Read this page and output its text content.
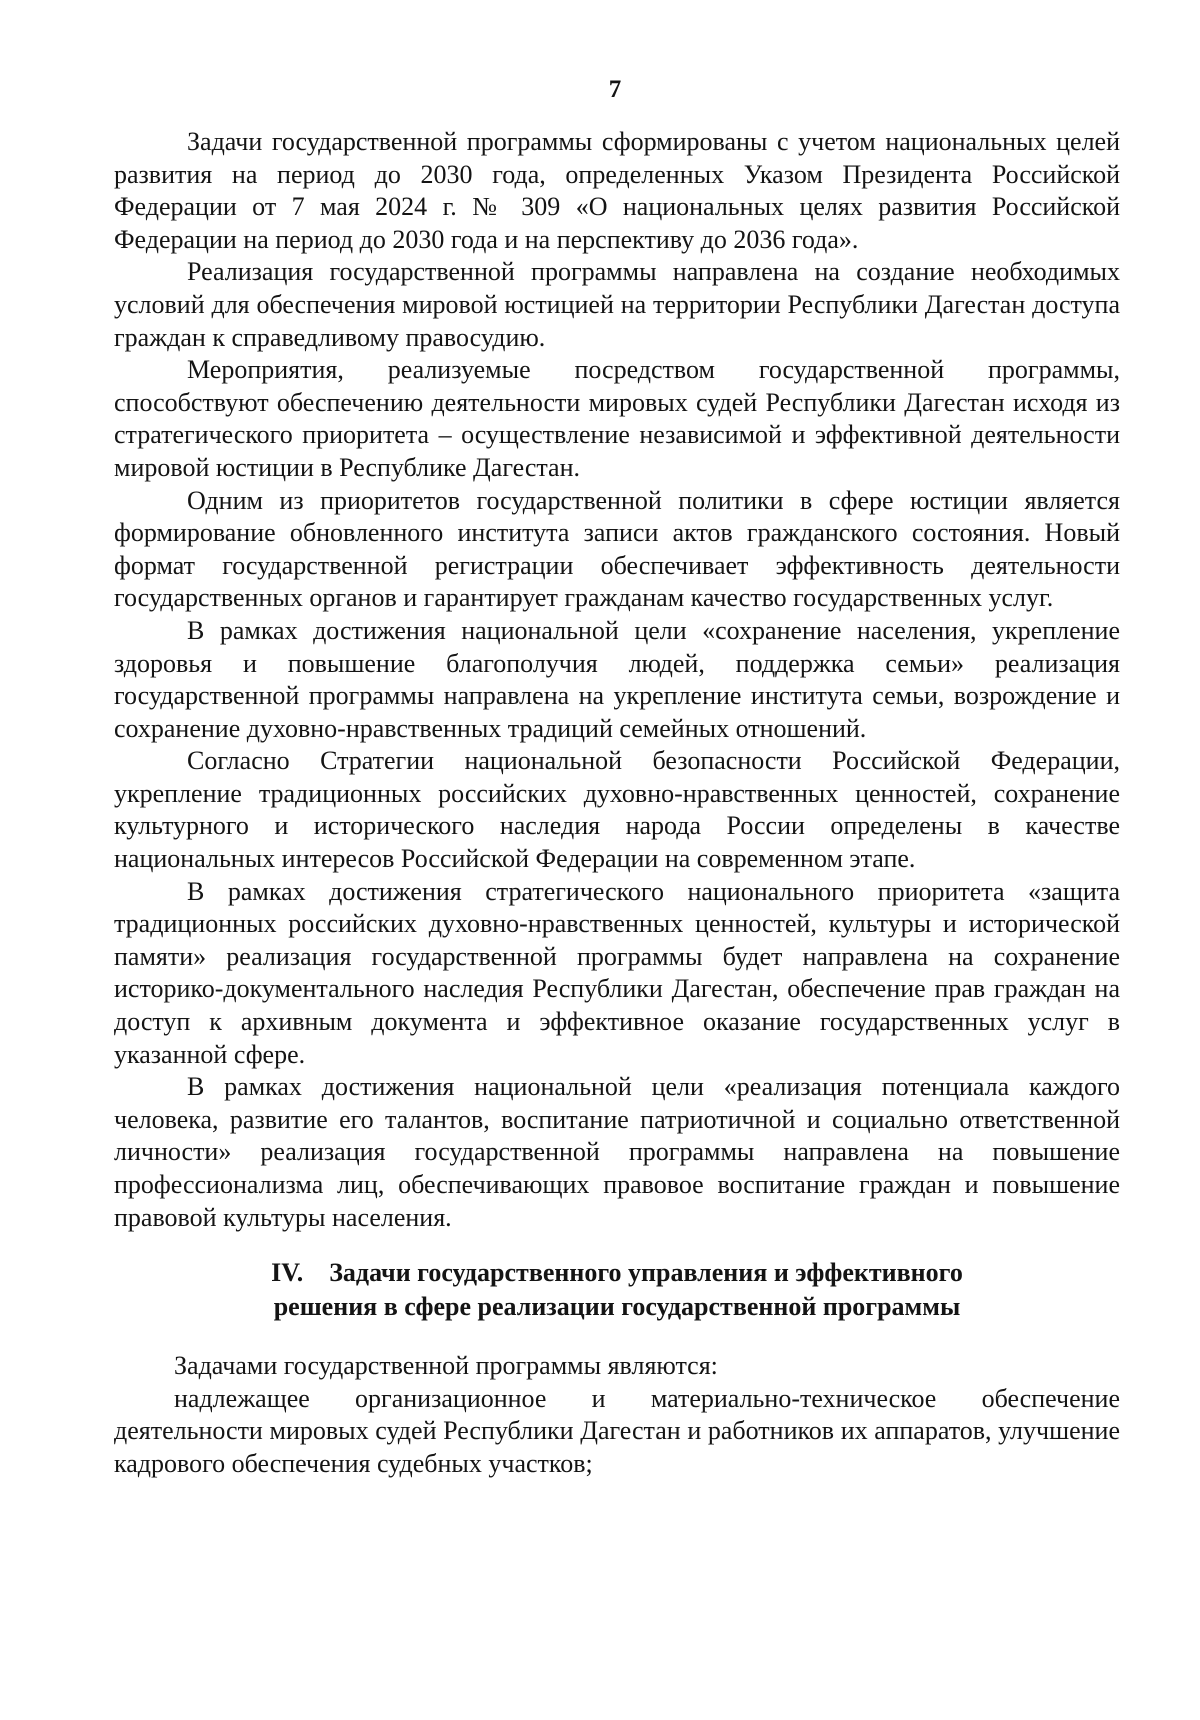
7

Задачи государственной программы сформированы с учетом национальных целей развития на период до 2030 года, определенных Указом Президента Российской Федерации от 7 мая 2024 г. № 309 «О национальных целях развития Российской Федерации на период до 2030 года и на перспективу до 2036 года».

Реализация государственной программы направлена на создание необходимых условий для обеспечения мировой юстицией на территории Республики Дагестан доступа граждан к справедливому правосудию.

Мероприятия, реализуемые посредством государственной программы, способствуют обеспечению деятельности мировых судей Республики Дагестан исходя из стратегического приоритета – осуществление независимой и эффективной деятельности мировой юстиции в Республике Дагестан.

Одним из приоритетов государственной политики в сфере юстиции является формирование обновленного института записи актов гражданского состояния. Новый формат государственной регистрации обеспечивает эффективность деятельности государственных органов и гарантирует гражданам качество государственных услуг.

В рамках достижения национальной цели «сохранение населения, укрепление здоровья и повышение благополучия людей, поддержка семьи» реализация государственной программы направлена на укрепление института семьи, возрождение и сохранение духовно-нравственных традиций семейных отношений.

Согласно Стратегии национальной безопасности Российской Федерации, укрепление традиционных российских духовно-нравственных ценностей, сохранение культурного и исторического наследия народа России определены в качестве национальных интересов Российской Федерации на современном этапе.

В рамках достижения стратегического национального приоритета «защита традиционных российских духовно-нравственных ценностей, культуры и исторической памяти» реализация государственной программы будет направлена на сохранение историко-документального наследия Республики Дагестан, обеспечение прав граждан на доступ к архивным документа и эффективное оказание государственных услуг в указанной сфере.

В рамках достижения национальной цели «реализация потенциала каждого человека, развитие его талантов, воспитание патриотичной и социально ответственной личности» реализация государственной программы направлена на повышение профессионализма лиц, обеспечивающих правовое воспитание граждан и повышение правовой культуры населения.

IV. Задачи государственного управления и эффективного
решения в сфере реализации государственной программы

Задачами государственной программы являются:

надлежащее организационное и материально-техническое обеспечение деятельности мировых судей Республики Дагестан и работников их аппаратов, улучшение кадрового обеспечения судебных участков;
